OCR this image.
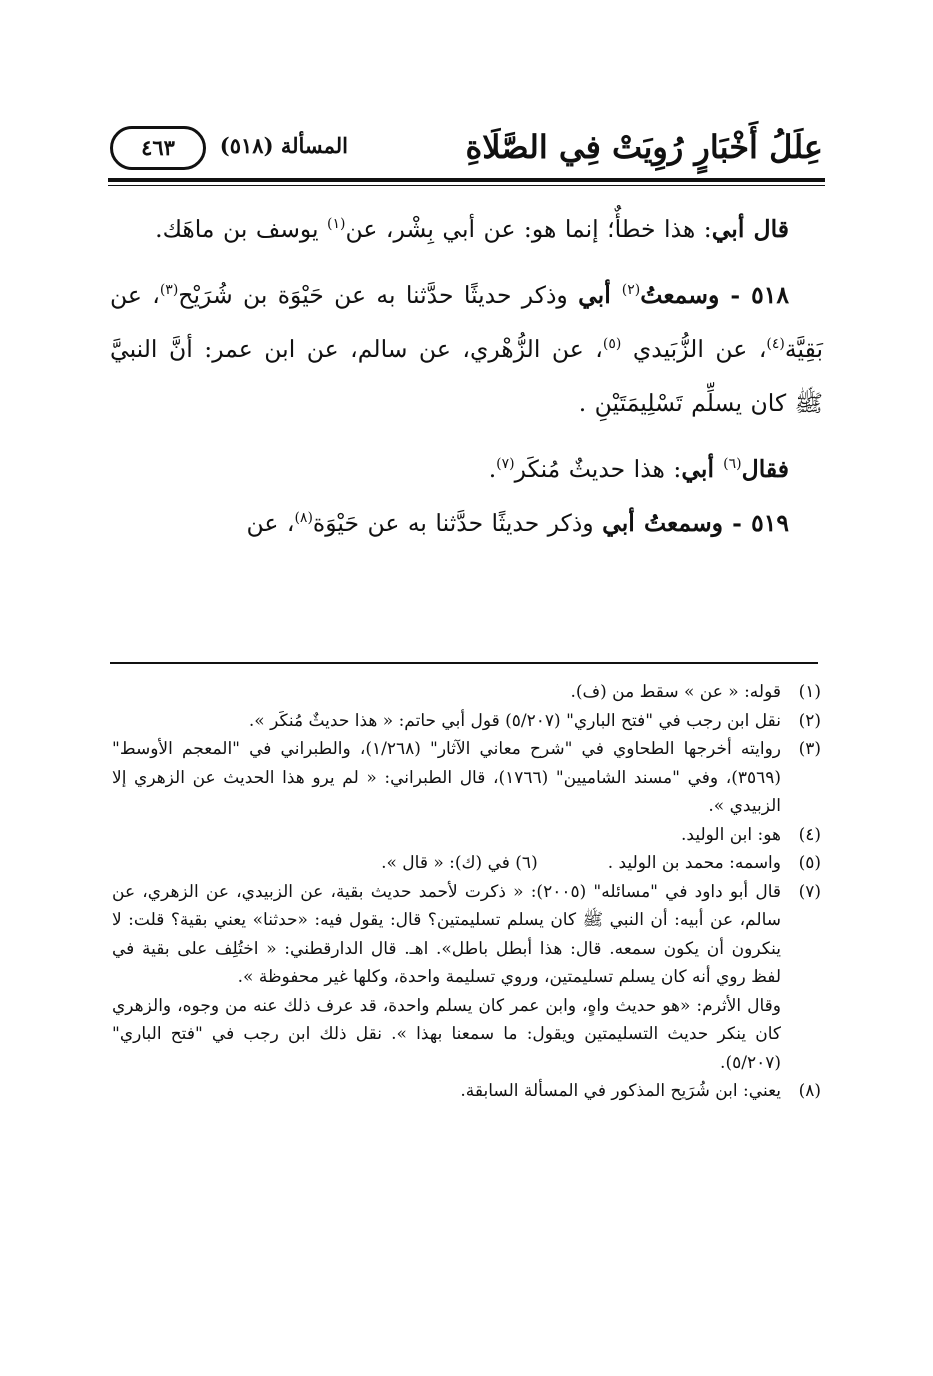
عِلَلُ أَخْبَارٍ رُوِيَتْ فِي الصَّلَاةِ
المسألة (٥١٨)
٤٦٣

قال أبي: هذا خطأٌ؛ إنما هو: عن أبي بِشْر، عن$^{(١)}$ يوسف بن ماهَك.

٥١٨ - وسمعتُ$^{(٢)}$ أبي وذكر حديثًا حدَّثنا به عن حَيْوَة بن شُرَيْح$^{(٣)}$، عن بَقِيَّة$^{(٤)}$، عن الزُّبَيدي $^{(٥)}$، عن الزُّهْري، عن سالم، عن ابن عمر: أنَّ النبيَّ ﷺ كان يسلِّم تَسْلِيمَتَيْنِ .

فقال$^{(٦)}$ أبي: هذا حديثٌ مُنكَر$^{(٧)}$.

٥١٩ - وسمعتُ أبي وذكر حديثًا حدَّثنا به عن حَيْوَة$^{(٨)}$، عن

(١)
قوله: « عن » سقط من (ف).
(٢)
نقل ابن رجب في "فتح الباري" (٥/٢٠٧) قول أبي حاتم: « هذا حديثٌ مُنكَر ».
(٣)
روايته أخرجها الطحاوي في "شرح معاني الآثار" (١/٢٦٨)، والطبراني في "المعجم الأوسط" (٣٥٦٩)، وفي "مسند الشاميين" (١٧٦٦)، قال الطبراني: « لم يرو هذا الحديث عن الزهري إلا الزبيدي ».
(٤)
هو: ابن الوليد.
(٥)
واسمه: محمد بن الوليد .(٦) في (ك): « قال ».
(٧)

قال أبو داود في "مسائله" (٢٠٠٥): « ذكرت لأحمد حديث بقية، عن الزبيدي، عن الزهري، عن سالم، عن أبيه: أن النبي ﷺ كان يسلم تسليمتين؟ قال: يقول فيه: «حدثنا» يعني بقية؟ قلت: لا ينكرون أن يكون سمعه. قال: هذا أبطل باطل». اهـ. قال الدارقطني: « اختُلِف على بقية في لفظ روي أنه كان يسلم تسليمتين، وروي تسليمة واحدة، وكلها غير محفوظة ».

وقال الأثرم: «هو حديث واهٍ، وابن عمر كان يسلم واحدة، قد عرف ذلك عنه من وجوه، والزهري كان ينكر حديث التسليمتين ويقول: ما سمعنا بهذا ». نقل ذلك ابن رجب في "فتح الباري" (٥/٢٠٧).

(٨)
يعني: ابن شُرَيح المذكور في المسألة السابقة.
